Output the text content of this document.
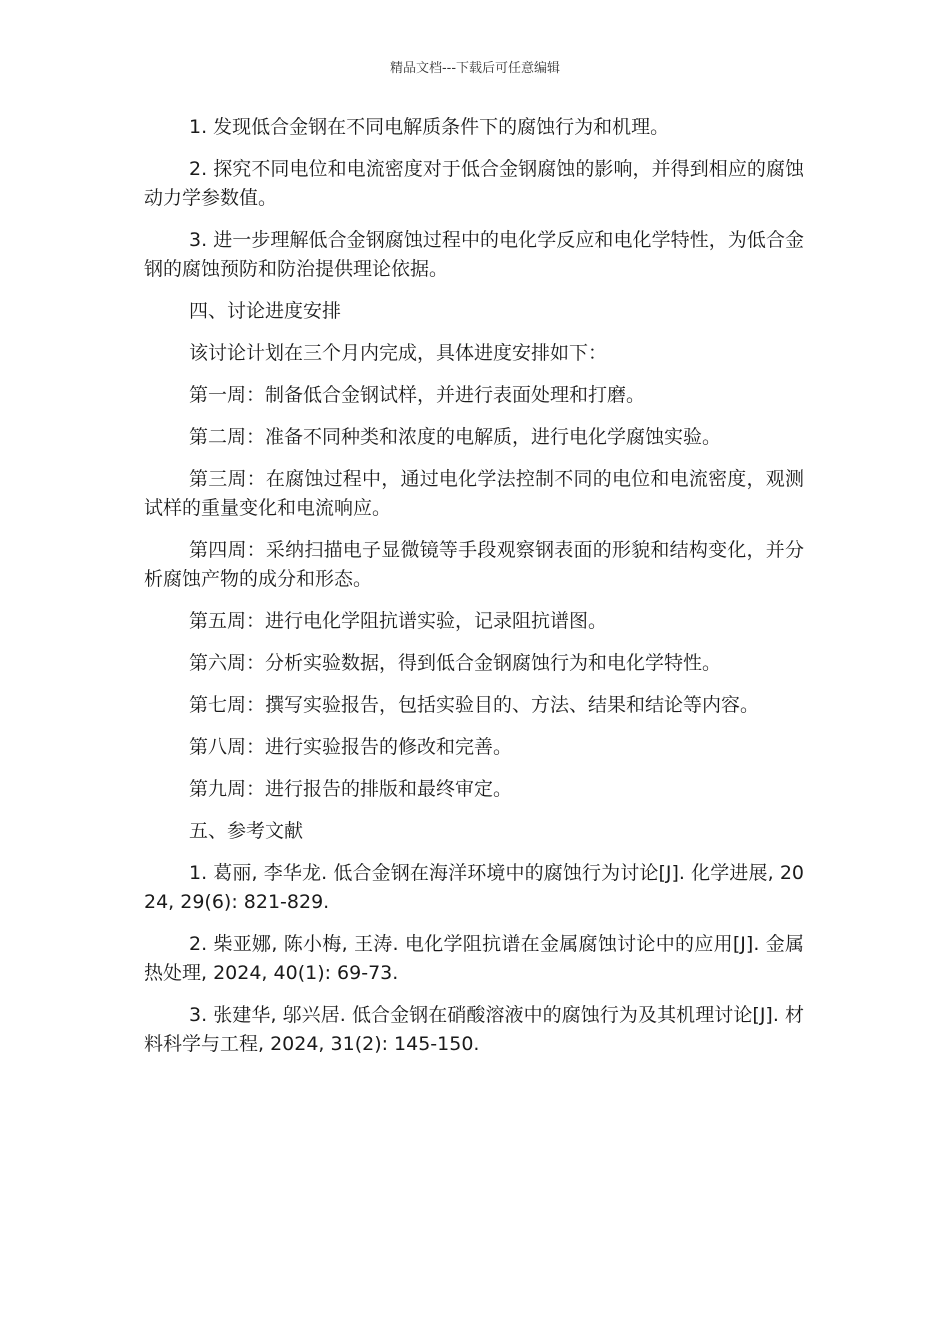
精品文档---下载后可任意编辑

1. 发现低合金钢在不同电解质条件下的腐蚀行为和机理。

2. 探究不同电位和电流密度对于低合金钢腐蚀的影响，并得到相应的腐蚀动力学参数值。

3. 进一步理解低合金钢腐蚀过程中的电化学反应和电化学特性，为低合金钢的腐蚀预防和防治提供理论依据。

四、讨论进度安排

该讨论计划在三个月内完成，具体进度安排如下：

第一周：制备低合金钢试样，并进行表面处理和打磨。

第二周：准备不同种类和浓度的电解质，进行电化学腐蚀实验。

第三周：在腐蚀过程中，通过电化学法控制不同的电位和电流密度，观测试样的重量变化和电流响应。

第四周：采纳扫描电子显微镜等手段观察钢表面的形貌和结构变化，并分析腐蚀产物的成分和形态。

第五周：进行电化学阻抗谱实验，记录阻抗谱图。

第六周：分析实验数据，得到低合金钢腐蚀行为和电化学特性。

第七周：撰写实验报告，包括实验目的、方法、结果和结论等内容。

第八周：进行实验报告的修改和完善。

第九周：进行报告的排版和最终审定。

五、参考文献

1. 葛丽, 李华龙. 低合金钢在海洋环境中的腐蚀行为讨论[J]. 化学进展, 2024, 29(6): 821-829.

2. 柴亚娜, 陈小梅, 王涛. 电化学阻抗谱在金属腐蚀讨论中的应用[J]. 金属热处理, 2024, 40(1): 69-73.

3. 张建华, 邬兴居. 低合金钢在硝酸溶液中的腐蚀行为及其机理讨论[J]. 材料科学与工程, 2024, 31(2): 145-150.
